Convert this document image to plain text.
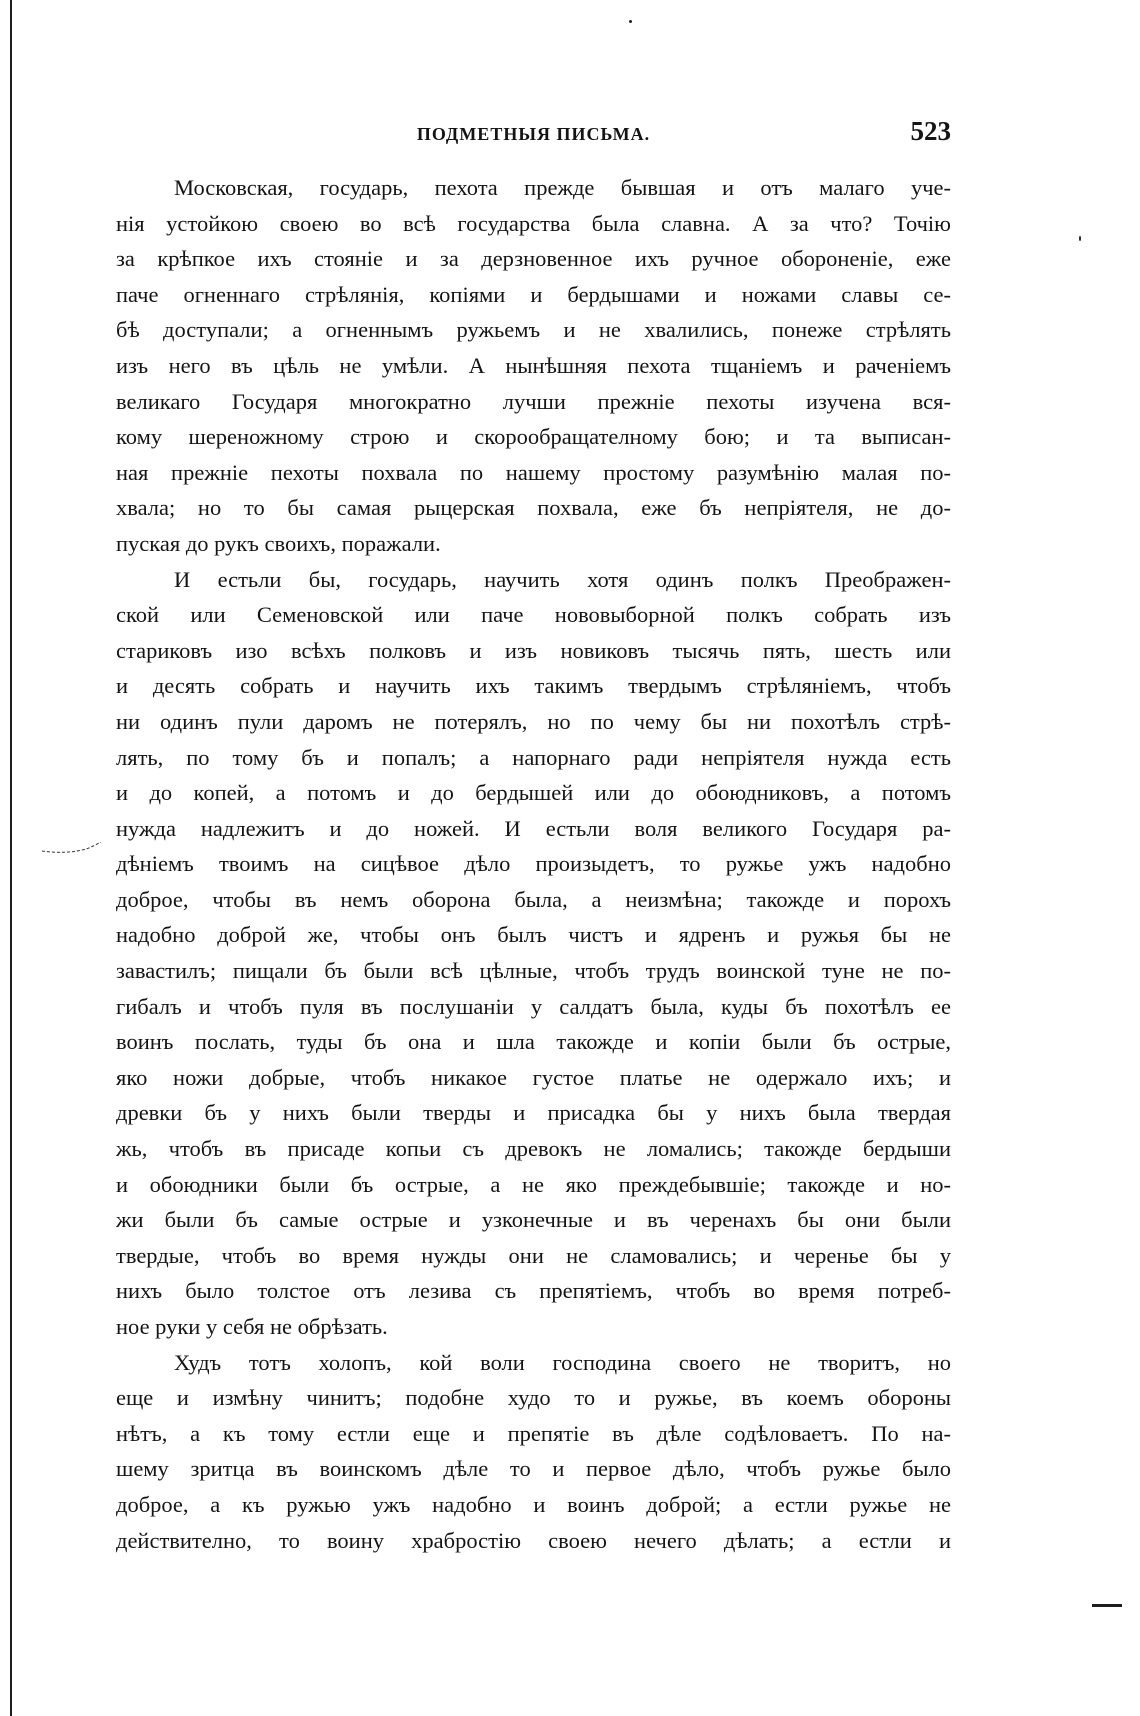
ПОДМЕТНЫЯ ПИСЬМА.	523

Московская, государь, пехота прежде бывшая и отъ малаго уче-
нія устойкою своею во всѣ государства была славна. А за что? Точію
за крѣпкое ихъ стояніе и за дерзновенное ихъ ручное обороненіе, еже
паче огненнаго стрѣлянія, копіями и бердышами и ножами славы се-
бѣ доступали; а огненнымъ ружьемъ и не хвалились, понеже стрѣлять
изъ него въ цѣль не умѣли. А нынѣшняя пехота тщаніемъ и раченіемъ
великаго Государя многократно лучши прежніе пехоты изучена вся-
кому шереножному строю и скорообращателному бою; и та выписан-
ная прежніе пехоты похвала по нашему простому разумѣнію малая по-
хвала; но то бы самая рыцерская похвала, еже бъ непріятеля, не до-
пуская до рукъ своихъ, поражали.

И естьли бы, государь, научить хотя одинъ полкъ Преображен-
ской или Семеновской или паче нововыборной полкъ собрать изъ
стариковъ изо всѣхъ полковъ и изъ новиковъ тысячь пять, шесть или
и десять собрать и научить ихъ такимъ твердымъ стрѣляніемъ, чтобъ
ни одинъ пули даромъ не потерялъ, но по чему бы ни похотѣлъ стрѣ-
лять, по тому бъ и попалъ; а напорнаго ради непріятеля нужда есть
и до копей, а потомъ и до бердышей или до обоюдниковъ, а потомъ
нужда надлежитъ и до ножей. И естьли воля великого Государя ра-
дѣніемъ твоимъ на сицѣвое дѣло произыдетъ, то ружье ужъ надобно
доброе, чтобы въ немъ оборона была, а неизмѣна; такожде и порохъ
надобно доброй же, чтобы онъ былъ чистъ и ядренъ и ружья бы не
завастилъ; пищали бъ были всѣ цѣлные, чтобъ трудъ воинской туне не по-
гибалъ и чтобъ пуля въ послушаніи у салдатъ была, куды бъ похотѣлъ ее
воинъ послать, туды бъ она и шла такожде и копіи были бъ острые,
яко ножи добрые, чтобъ никакое густое платье не одержало ихъ; и
древки бъ у нихъ были тверды и присадка бы у нихъ была твердая
жь, чтобъ въ присаде копьи съ древокъ не ломались; такожде бердыши
и обоюдники были бъ острые, а не яко преждебывшіе; такожде и но-
жи были бъ самые острые и узконечные и въ черенахъ бы они были
твердые, чтобъ во время нужды они не сламовались; и черенье бы у
нихъ было толстое отъ лезива съ препятіемъ, чтобъ во время потреб-
ное руки у себя не обрѣзать.

Худъ тотъ холопъ, кой воли господина своего не творитъ, но
еще и измѣну чинитъ; подобне худо то и ружье, въ коемъ обороны
нѣтъ, а къ тому естли еще и препятіе въ дѣле содѣловаетъ. По на-
шему зритца въ воинскомъ дѣле то и первое дѣло, чтобъ ружье было
доброе, а къ ружью ужъ надобно и воинъ доброй; а естли ружье не
действително, то воину храбростію своею нечего дѣлать; а естли и
